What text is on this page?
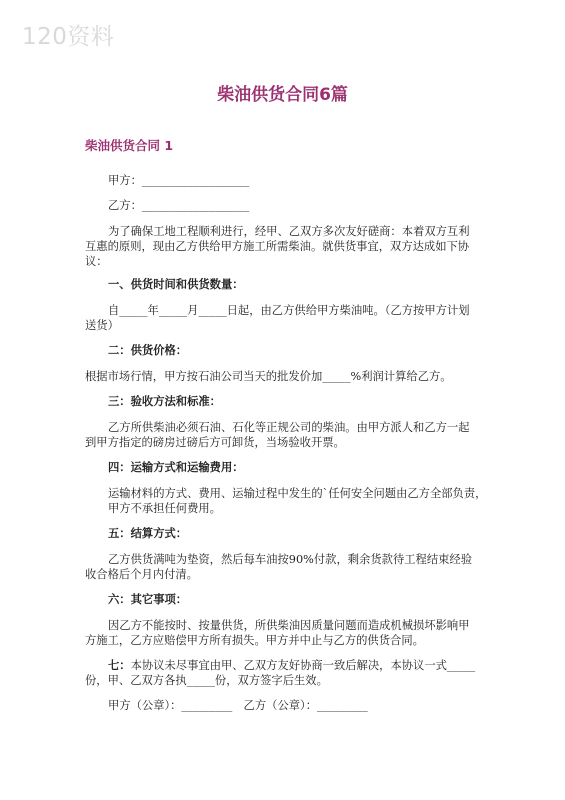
120资料
柴油供货合同6篇
柴油供货合同 1
甲方：___________________
乙方：___________________
为了确保工地工程顺利进行，经甲、乙双方多次友好磋商：本着双方互利
互惠的原则，现由乙方供给甲方施工所需柴油。就供货事宜，双方达成如下协
议：
一、供货时间和供货数量：
自_____年_____月_____日起，由乙方供给甲方柴油吨。（乙方按甲方计划
送货）
二：供货价格：
根据市场行情，甲方按石油公司当天的批发价加_____%利润计算给乙方。
三：验收方法和标准：
乙方所供柴油必须石油、石化等正规公司的柴油。由甲方派人和乙方一起
到甲方指定的磅房过磅后方可卸货，当场验收开票。
四：运输方式和运输费用：
运输材料的方式、费用、运输过程中发生的`任何安全问题由乙方全部负责，
甲方不承担任何费用。
五：结算方式：
乙方供货满吨为垫资，然后每车油按90%付款，剩余货款待工程结束经验
收合格后个月内付清。
六：其它事项：
因乙方不能按时、按量供货，所供柴油因质量问题而造成机械损坏影响甲
方施工，乙方应赔偿甲方所有损失。甲方并中止与乙方的供货合同。
七：本协议未尽事宜由甲、乙双方友好协商一致后解决，本协议一式_____
份，甲、乙双方各执_____份，双方签字后生效。
甲方（公章）：_________　乙方（公章）：_________
